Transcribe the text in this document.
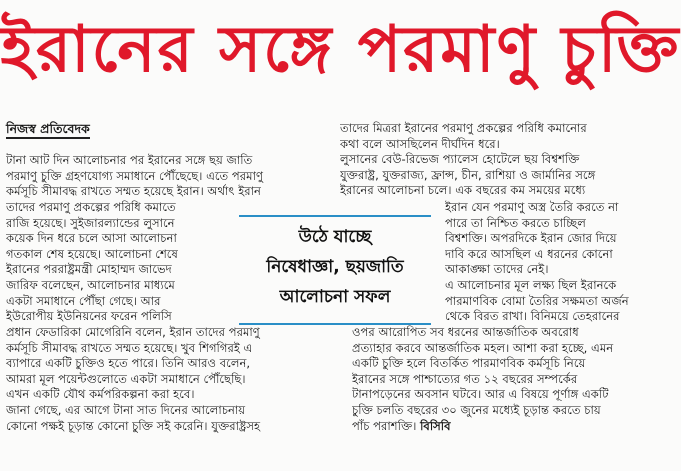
ইরানের সঙ্গে পরমাণু চুক্তি
নিজস্ব প্রতিবেদক
টানা আট দিন আলোচনার পর ইরানের সঙ্গে ছয় জাতি
পরমাণু চুক্তি গ্রহণযোগ্য সমাধানে পৌঁছেছে। এতে পরমাণু
কর্মসূচি সীমাবদ্ধ রাখতে সম্মত হয়েছে ইরান। অর্থাৎ ইরান
তাদের পরমাণু প্রকল্পের পরিধি কমাতে
রাজি হয়েছে। সুইজারল্যান্ডের লুসানে
কয়েক দিন ধরে চলে আসা আলোচনা
গতকাল শেষ হয়েছে। আলোচনা শেষে
ইরানের পররাষ্ট্রমন্ত্রী মোহাম্মদ জাভেদ
জারিফ বলেছেন, আলোচনার মাধ্যমে
একটা সমাধানে পৌঁছা গেছে। আর
ইউরোপীয় ইউনিয়নের ফরেন পলিসি
প্রধান ফেডারিকা মোগেরিনি বলেন, ইরান তাদের পরমাণু
কর্মসূচি সীমাবদ্ধ রাখতে সম্মত হয়েছে। খুব শিগগিরই এ
ব্যাপারে একটি চুক্তিও হতে পারে। তিনি আরও বলেন,
আমরা মূল পয়েন্টগুলোতে একটা সমাধানে পৌঁছেছি।
এখন একটি যৌথ কর্মপরিকল্পনা করা হবে।
জানা গেছে, এর আগে টানা সাত দিনের আলোচনায়
কোনো পক্ষই চূড়ান্ত কোনো চুক্তি সই করেনি। যুক্তরাষ্ট্রসহ
তাদের মিত্ররা ইরানের পরমাণু প্রকল্পের পরিধি কমানোর
কথা বলে আসছিলেন দীর্ঘদিন ধরে।
লুসানের বেউ-রিভেজ প্যালেস হোটেলে ছয় বিশ্বশক্তি
যুক্তরাষ্ট্র, যুক্তরাজ্য, ফ্রান্স, চীন, রাশিয়া ও জার্মানির সঙ্গে
ইরানের আলোচনা চলে। এক বছরের কম সময়ের মধ্যে
ইরান যেন পরমাণু অস্ত্র তৈরি করতে না
পারে তা নিশ্চিত করতে চাচ্ছিল
বিশ্বশক্তি। অপরদিকে ইরান জোর দিয়ে
দাবি করে আসছিল এ ধরনের কোনো
আকাঙ্ক্ষা তাদের নেই।
এ আলোচনার মূল লক্ষ্য ছিল ইরানকে
পারমাণবিক বোমা তৈরির সক্ষমতা অর্জন
থেকে বিরত রাখা। বিনিময়ে তেহরানের
ওপর আরোপিত সব ধরনের আন্তর্জাতিক অবরোধ
প্রত্যাহার করবে আন্তর্জাতিক মহল। আশা করা হচ্ছে, এমন
একটি চুক্তি হলে বিতর্কিত পারমাণবিক কর্মসূচি নিয়ে
ইরানের সঙ্গে পাশ্চাত্যের গত ১২ বছরের সম্পর্কের
টানাপড়েনের অবসান ঘটবে। আর এ বিষয়ে পূর্ণাঙ্গ একটি
চুক্তি চলতি বছরের ৩০ জুনের মধ্যেই চূড়ান্ত করতে চায়
পাঁচ পরাশক্তি। বিসিবি
উঠে যাচ্ছে
নিষেধাজ্ঞা, ছয়জাতি
আলোচনা সফল
